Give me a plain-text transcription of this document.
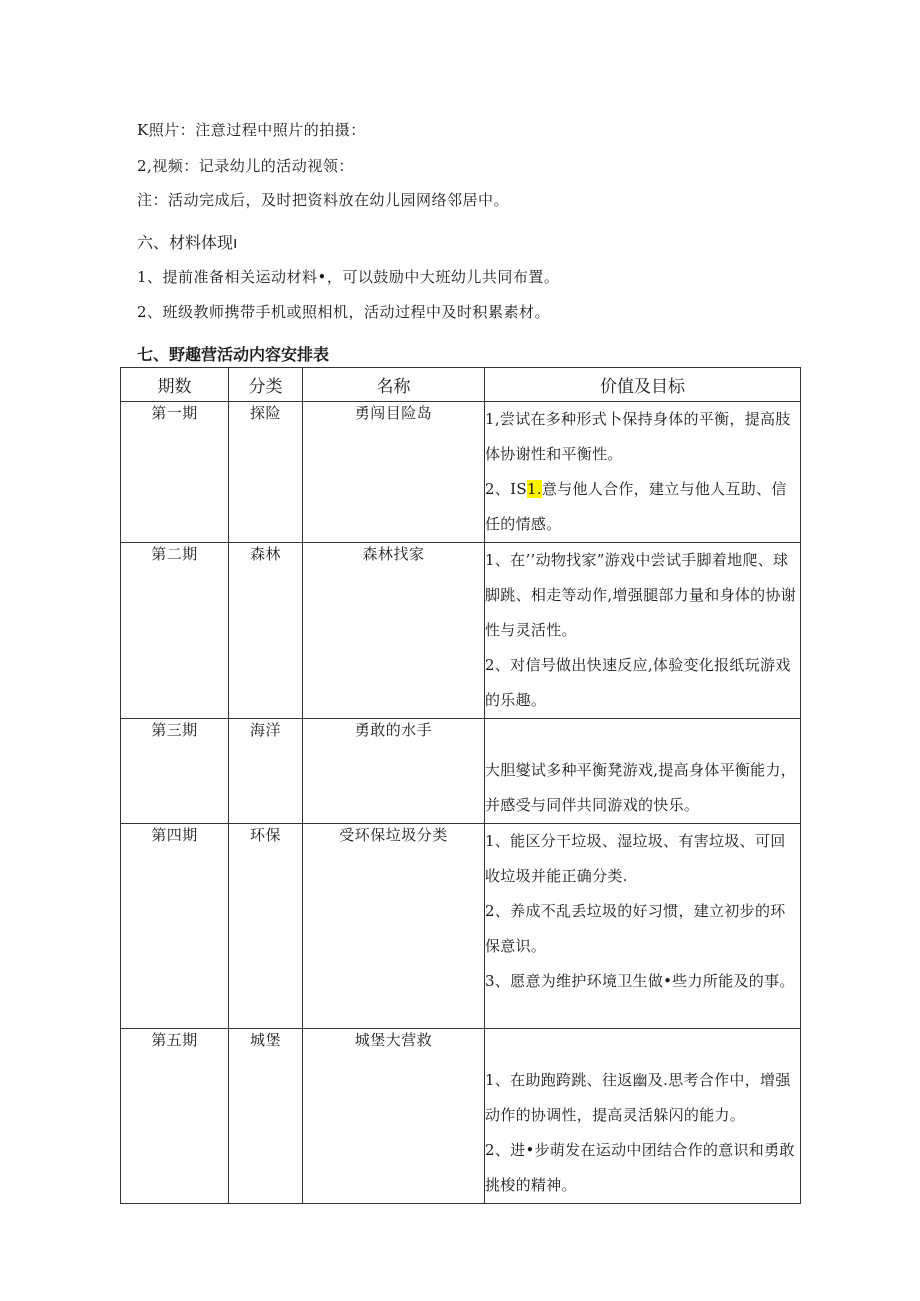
K照片：注意过程中照片的拍摄：
2,视频：记录幼儿的活动视领：
注：活动完成后，及时把资料放在幼儿园网络邻居中。
六、材料体现ı
1、提前准备相关运动材料•，可以鼓励中大班幼儿共同布置。
2、班级教师携带手机或照相机，活动过程中及时积累素材。
七、野趣营活动内容安排表
期数	分类	名称	价值及目标
第一期	探险	勇闯目险岛	1,尝试在多种形式卜保持身体的平衡，提高肢体协谢性和平衡性。
2、IS1.意与他人合作，建立与他人互助、信任的情感。

第二期	森林	森林找家	1、在’’动物找家”游戏中尝试手脚着地爬、球脚跳、相走等动作,增强腿部力量和身体的协谢性与灵活性。
2、对信号做出快速反应,体验变化报纸玩游戏的乐趣。

第三期	海洋	勇敢的水手	大胆燮试多种平衡凳游戏,提高身体平衡能力，并感受与同伴共同游戏的快乐。

第四期	环保	受环保垃圾分类	1、能区分干垃圾、湿垃圾、有害垃圾、可回收垃圾并能正确分类.
2、养成不乱丢垃圾的好习惯，建立初步的环保意识。
3、愿意为维护环境卫生做•些力所能及的事。

第五期	城堡	城堡大营救	1、在助跑跨跳、往返幽及.思考合作中，增强动作的协调性，提高灵活躲闪的能力。
2、进•步萌发在运动中团结合作的意识和勇敢挑梭的精神。
